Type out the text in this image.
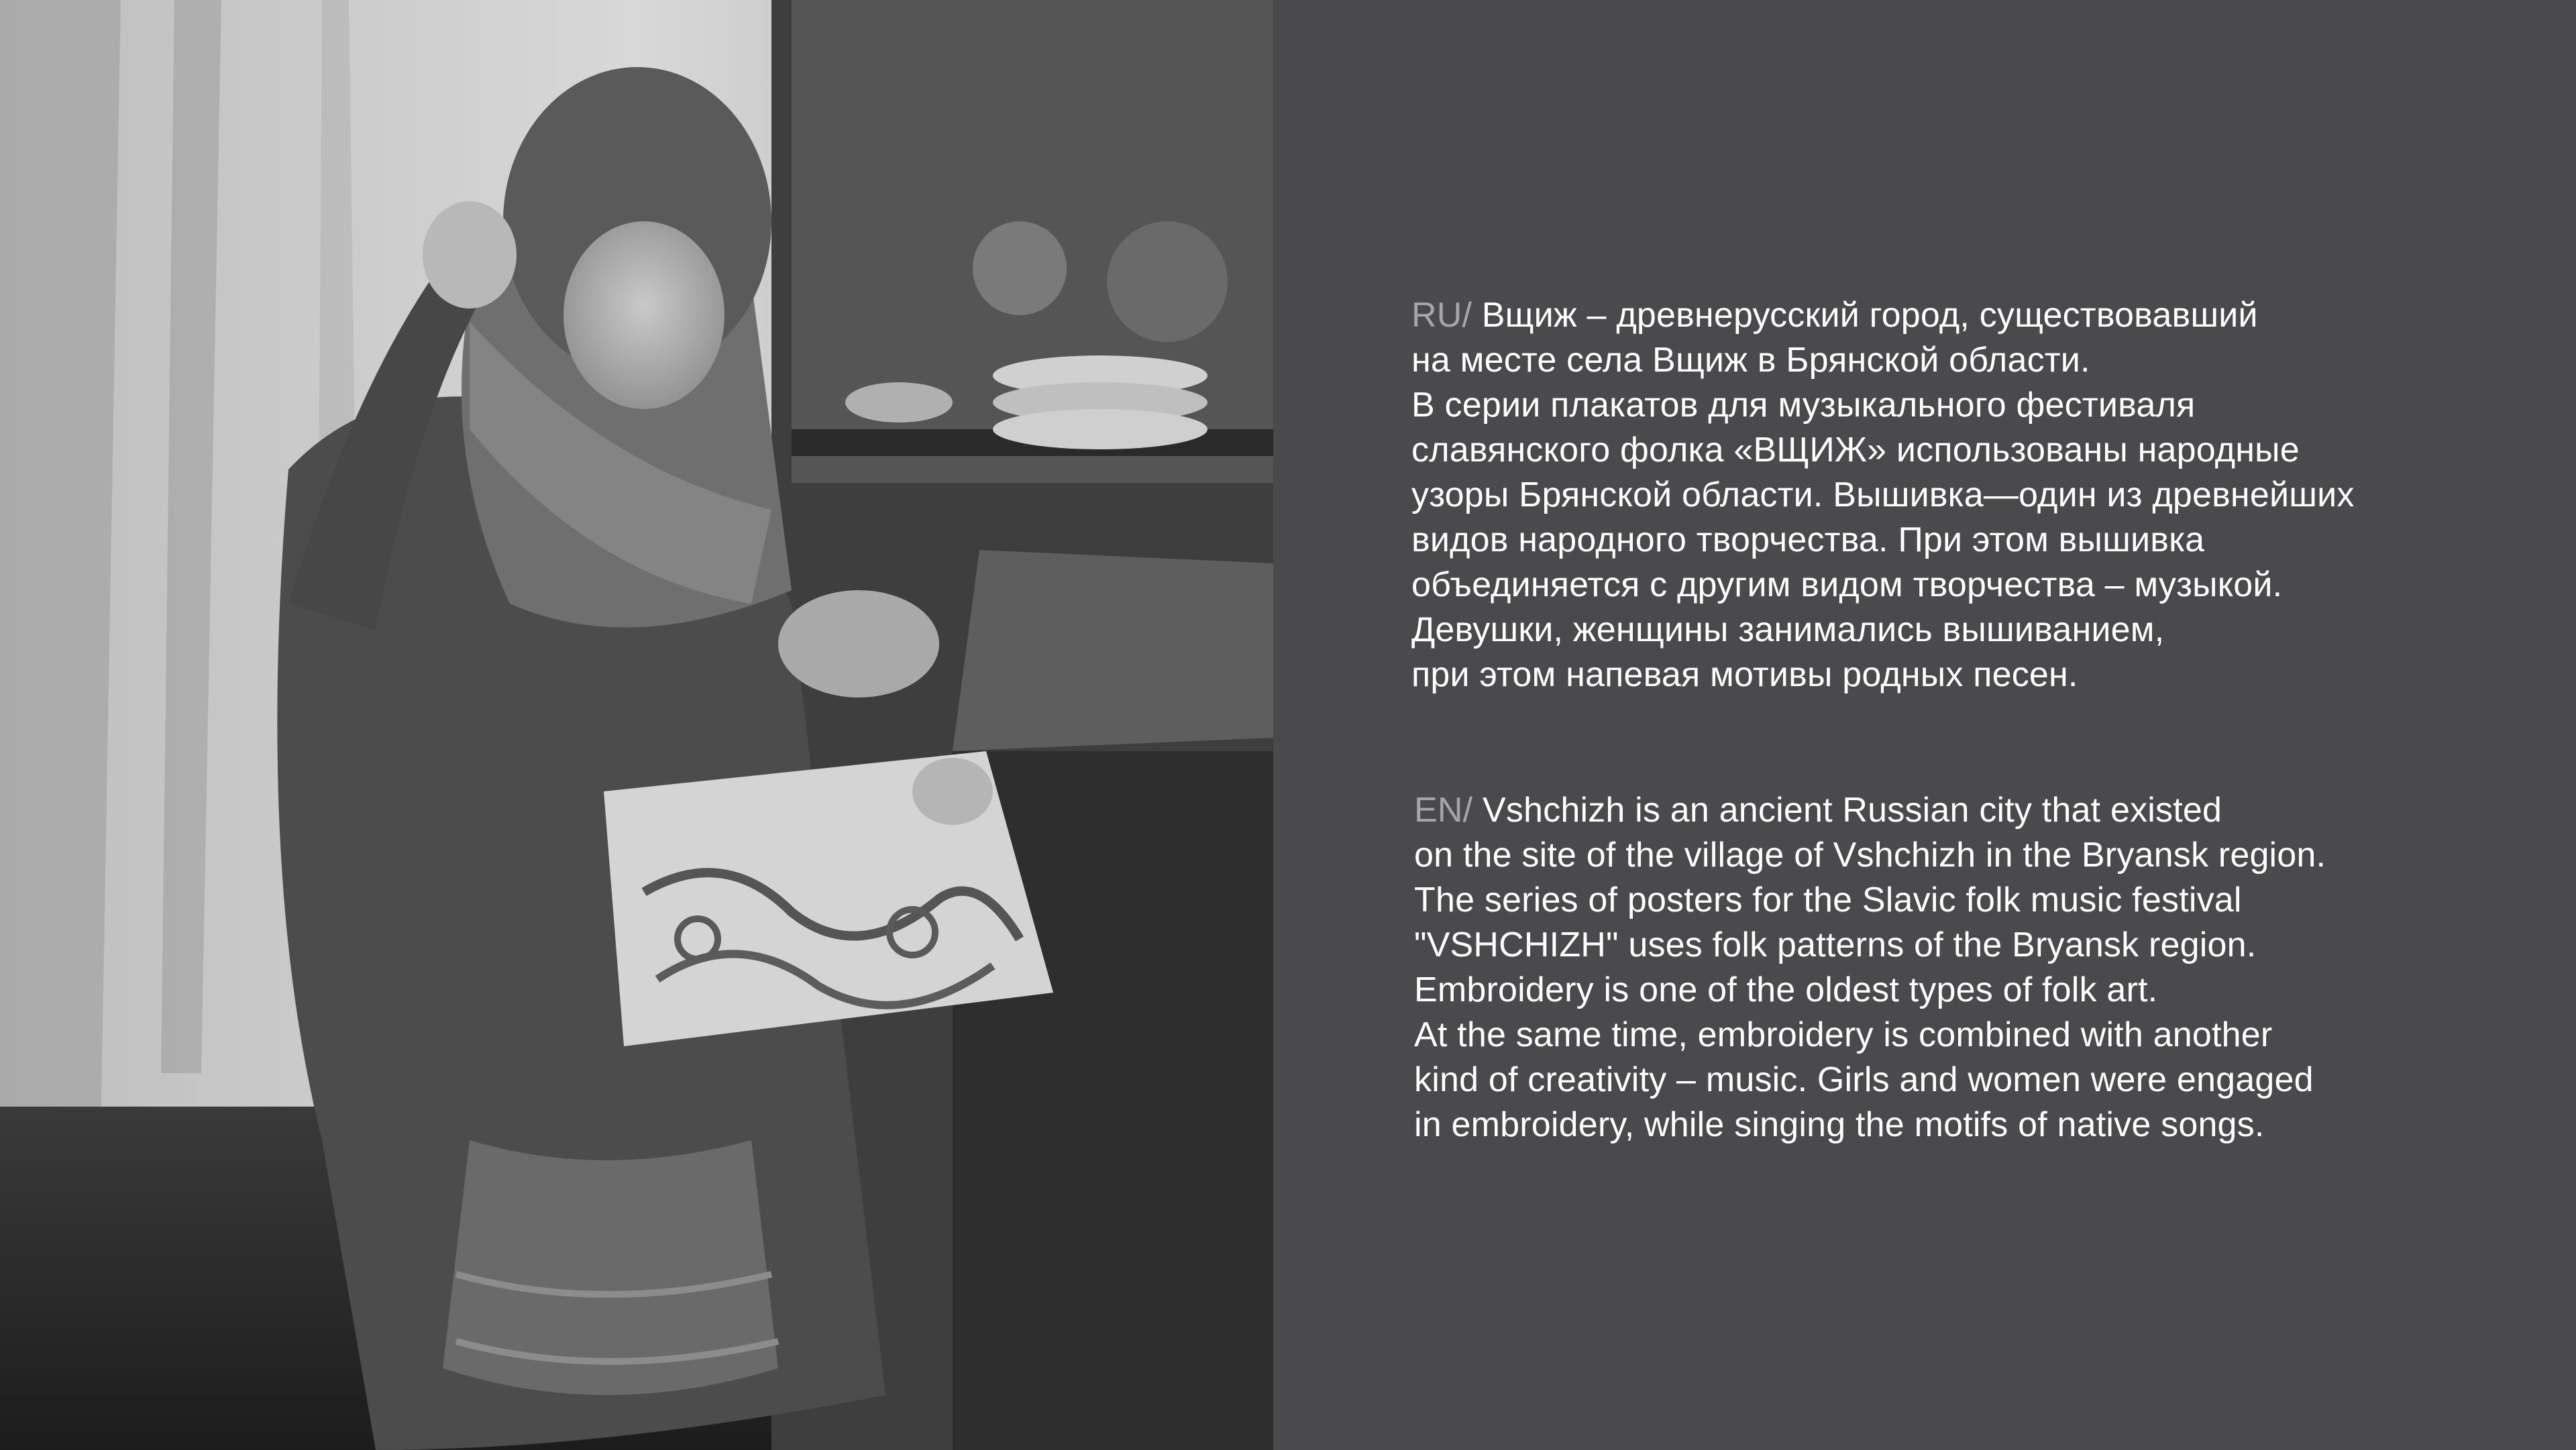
RU/ Вщиж – древнерусский город, существовавший
на месте села Вщиж в Брянской области.
В серии плакатов для музыкального фестиваля
славянского фолка «ВЩИЖ» использованы народные
узоры Брянской области. Вышивка—один из древнейших
видов народного творчества. При этом вышивка
объединяется с другим видом творчества – музыкой.
Девушки, женщины занимались вышиванием,
при этом напевая мотивы родных песен.
EN/ Vshchizh is an ancient Russian city that existed
on the site of the village of Vshchizh in the Bryansk region.
The series of posters for the Slavic folk music festival
"VSHCHIZH" uses folk patterns of the Bryansk region.
Embroidery is one of the oldest types of folk art.
At the same time, embroidery is combined with another
kind of creativity – music. Girls and women were engaged
in embroidery, while singing the motifs of native songs.
